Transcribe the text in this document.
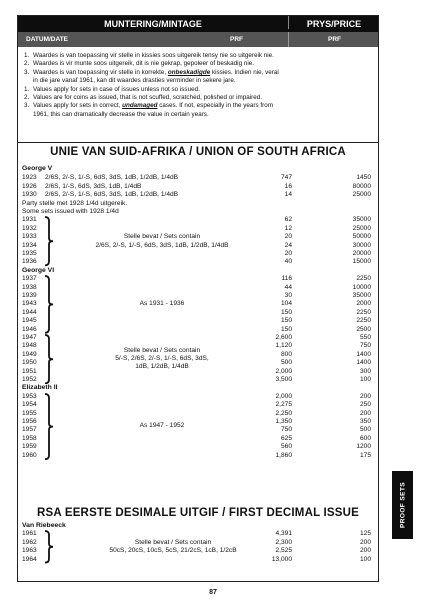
MUNTERING/MINTAGE	PRYS/PRICE
DATUM/DATE	PRF	PRF
1. Waardes is van toepassing vir stelle in kissies soos uitgereik tensy nie so uitgereik nie.
2. Waardes is vir munte soos uitgereik, dit is nie gekrap, gepoleer of beskadig nie.
3. Waardes is van toepassing vir stelle in korrekte, onbeskadigde kissies. Indien nie, veral
in die jare vanaf 1961, kan dit waardes drasties verminder in sekere jare.
1. Values apply for sets in case of issues unless not so issued.
2. Values are for coins as issued, that is not scuffed, scratched, polished or impaired.
3. Values apply for sets in correct, undamaged cases. If not, especially in the years from
1961, this can dramatically decrease the value in certain years.
UNIE VAN SUID-AFRIKA / UNION OF SOUTH AFRICA
George V
1923 2/6S, 2/-S, 1/-S, 6dS, 3dS, 1dB, 1/2dB, 1/4dB	747	1450
1926 2/6S, 1/-S, 6dS, 3dS, 1dB, 1/4dB	16	80000
1930 2/6S, 2/-S, 1/-S, 6dS, 3dS, 1dB, 1/2dB, 1/4dB	14	25000
Party stelle met 1928 1/4d uitgereik.
Some sets issued with 1928 1/4d
1931	62	35000
1932	12	25000
1933	20	50000
1934	24	30000
1935	20	20000
1936	40	15000
Stelle bevat / Sets contain
2/6S, 2/-S, 1/-S, 6dS, 3dS, 1dB, 1/2dB, 1/4dB
George VI
1937	116	2250
1938	44	10000
1939	30	35000
1943	104	2000
1944	150	2250
1945	150	2250
1946	150	2500
As 1931 - 1936
1947	2,600	550
1948	1,120	750
1949	800	1400
1950	500	1400
1951	2,000	300
1952	3,500	100
Stelle bevat / Sets contain
5/-S, 2/6S, 2/-S, 1/-S, 6dS, 3dS,
1dB, 1/2dB, 1/4dB
Elizabeth II
1953	2,000	200
1954	2,275	250
1955	2,250	200
1956	1,350	350
1957	750	500
1958	625	600
1959	560	1200
1960	1,860	175
As 1947 - 1952
Van Riebeeck
1961	4,391	125
1962	2,300	200
1963	2,525	200
1964	13,000	100
Stelle bevat / Sets contain
50cS, 20cS, 10cS, 5cS, 21/2cS, 1cB, 1/2cB
RSA EERSTE DESIMALE UITGIF / FIRST DECIMAL ISSUE	PROOF SETS
87
